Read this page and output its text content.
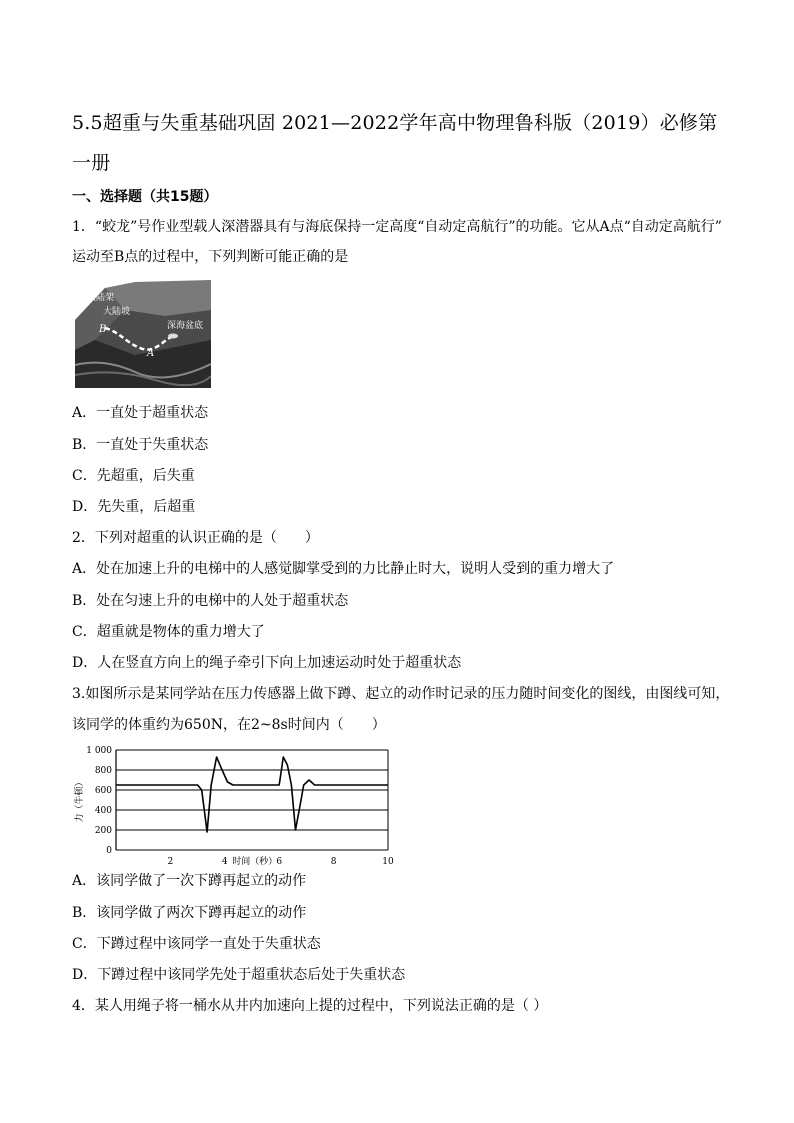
5.5超重与失重基础巩固 2021—2022学年高中物理鲁科版（2019）必修第一册
一、选择题（共15题）
1．“蛟龙”号作业型载人深潜器具有与海底保持一定高度“自动定高航行”的功能。它从A点“自动定高航行”
运动至B点的过程中，下列判断可能正确的是
大陆架
大陆坡
深海盆底
A
B
A．一直处于超重状态
B．一直处于失重状态
C．先超重，后失重
D．先失重，后超重
2．下列对超重的认识正确的是（　　）
A．处在加速上升的电梯中的人感觉脚掌受到的力比静止时大，说明人受到的重力增大了
B．处在匀速上升的电梯中的人处于超重状态
C．超重就是物体的重力增大了
D．人在竖直方向上的绳子牵引下向上加速运动时处于超重状态
3.如图所示是某同学站在压力传感器上做下蹲、起立的动作时记录的压力随时间变化的图线，由图线可知，
该同学的体重约为650N，在2~8s时间内（　　）
0
200
400
600
800
1 000
2	4	6	8	10
时间（秒）
力（牛顿）
A．该同学做了一次下蹲再起立的动作
B．该同学做了两次下蹲再起立的动作
C．下蹲过程中该同学一直处于失重状态
D．下蹲过程中该同学先处于超重状态后处于失重状态
4．某人用绳子将一桶水从井内加速向上提的过程中，下列说法正确的是（ ）
